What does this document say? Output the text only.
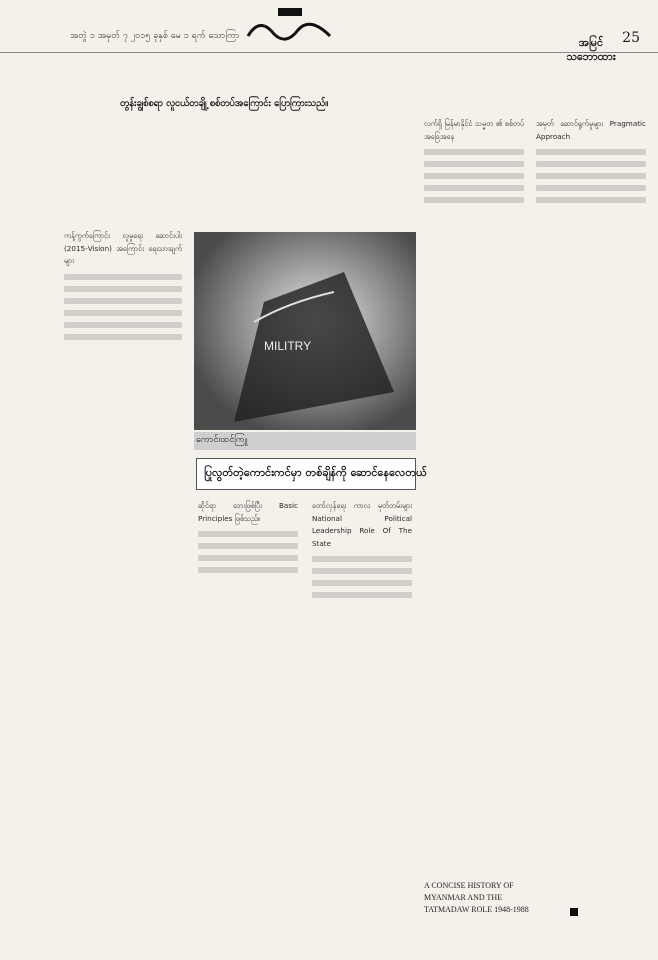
အတွဲ ၁ အမှတ် ၇ ၂၀၁၅ ခုနှစ် မေ ၁ ရက် သောကြာ	25
အမြင် သဘောထား
တွန်းချွစ်စရာ လူငယ်တချို့ စစ်တပ်အကြောင်း ပြောကြားသည်။
ကန့်ကွက်ကြောင်း လူမှုရေး ဆောင်းပါး (2015-Vision) အကြောင်း ရေးသားချက်များ
MILITRY
ကောင်းထင်ကြူ
ပြုလွတ်တဲ့ကောင်းကင်မှာ တစ်ချိန်ကို ဆောင်နေလေတယ်
ဆိုင်ရာ ဘေးဖြစ်ပြီး Basic Principles ဖြစ်သည်။
တော်လှန်ရေး ကာလ မှတ်တမ်းများ National Political Leadership Role Of The State
လက်ရှိ မြန်မာနိုင်ငံ သမ္မတ ၏ စစ်တပ် အခြေအနေ
အမှတ် ဆောင်ရွက်မှုများ Pragmatic Approach
A CONCISE HISTORY OF MYANMAR AND THE TATMADAW ROLE 1948-1988
